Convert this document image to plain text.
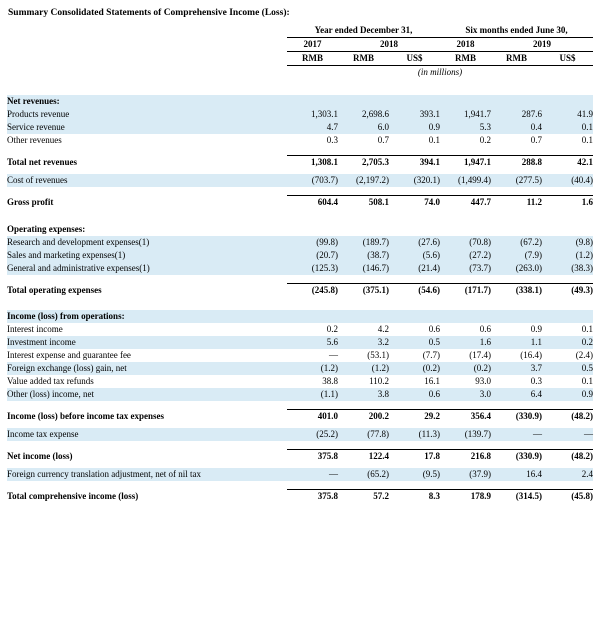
Summary Consolidated Statements of Comprehensive Income (Loss):
	Year ended December 31,			Six months ended June 30,		
	2017	2018		2018	2019	
	RMB	RMB	US$	RMB	RMB	US$
	(in millions)					

Net revenues:						
Products revenue	1,303.1	2,698.6	393.1	1,941.7	287.6	41.9
Service revenue	4.7	6.0	0.9	5.3	0.4	0.1
Other revenues	0.3	0.7	0.1	0.2	0.7	0.1

Total net revenues	1,308.1	2,705.3	394.1	1,947.1	288.8	42.1

Cost of revenues	(703.7)	(2,197.2)	(320.1)	(1,499.4)	(277.5)	(40.4)

Gross profit	604.4	508.1	74.0	447.7	11.2	1.6

Operating expenses:						
Research and development expenses(1)	(99.8)	(189.7)	(27.6)	(70.8)	(67.2)	(9.8)
Sales and marketing expenses(1)	(20.7)	(38.7)	(5.6)	(27.2)	(7.9)	(1.2)
General and administrative expenses(1)	(125.3)	(146.7)	(21.4)	(73.7)	(263.0)	(38.3)

Total operating expenses	(245.8)	(375.1)	(54.6)	(171.7)	(338.1)	(49.3)

Income (loss) from operations:						
Interest income	0.2	4.2	0.6	0.6	0.9	0.1
Investment income	5.6	3.2	0.5	1.6	1.1	0.2
Interest expense and guarantee fee	—	(53.1)	(7.7)	(17.4)	(16.4)	(2.4)
Foreign exchange (loss) gain, net	(1.2)	(1.2)	(0.2)	(0.2)	3.7	0.5
Value added tax refunds	38.8	110.2	16.1	93.0	0.3	0.1
Other (loss) income, net	(1.1)	3.8	0.6	3.0	6.4	0.9

Income (loss) before income tax expenses	401.0	200.2	29.2	356.4	(330.9)	(48.2)

Income tax expense	(25.2)	(77.8)	(11.3)	(139.7)	—	—

Net income (loss)	375.8	122.4	17.8	216.8	(330.9)	(48.2)

Foreign currency translation adjustment, net of nil tax	—	(65.2)	(9.5)	(37.9)	16.4	2.4

Total comprehensive income (loss)	375.8	57.2	8.3	178.9	(314.5)	(45.8)
